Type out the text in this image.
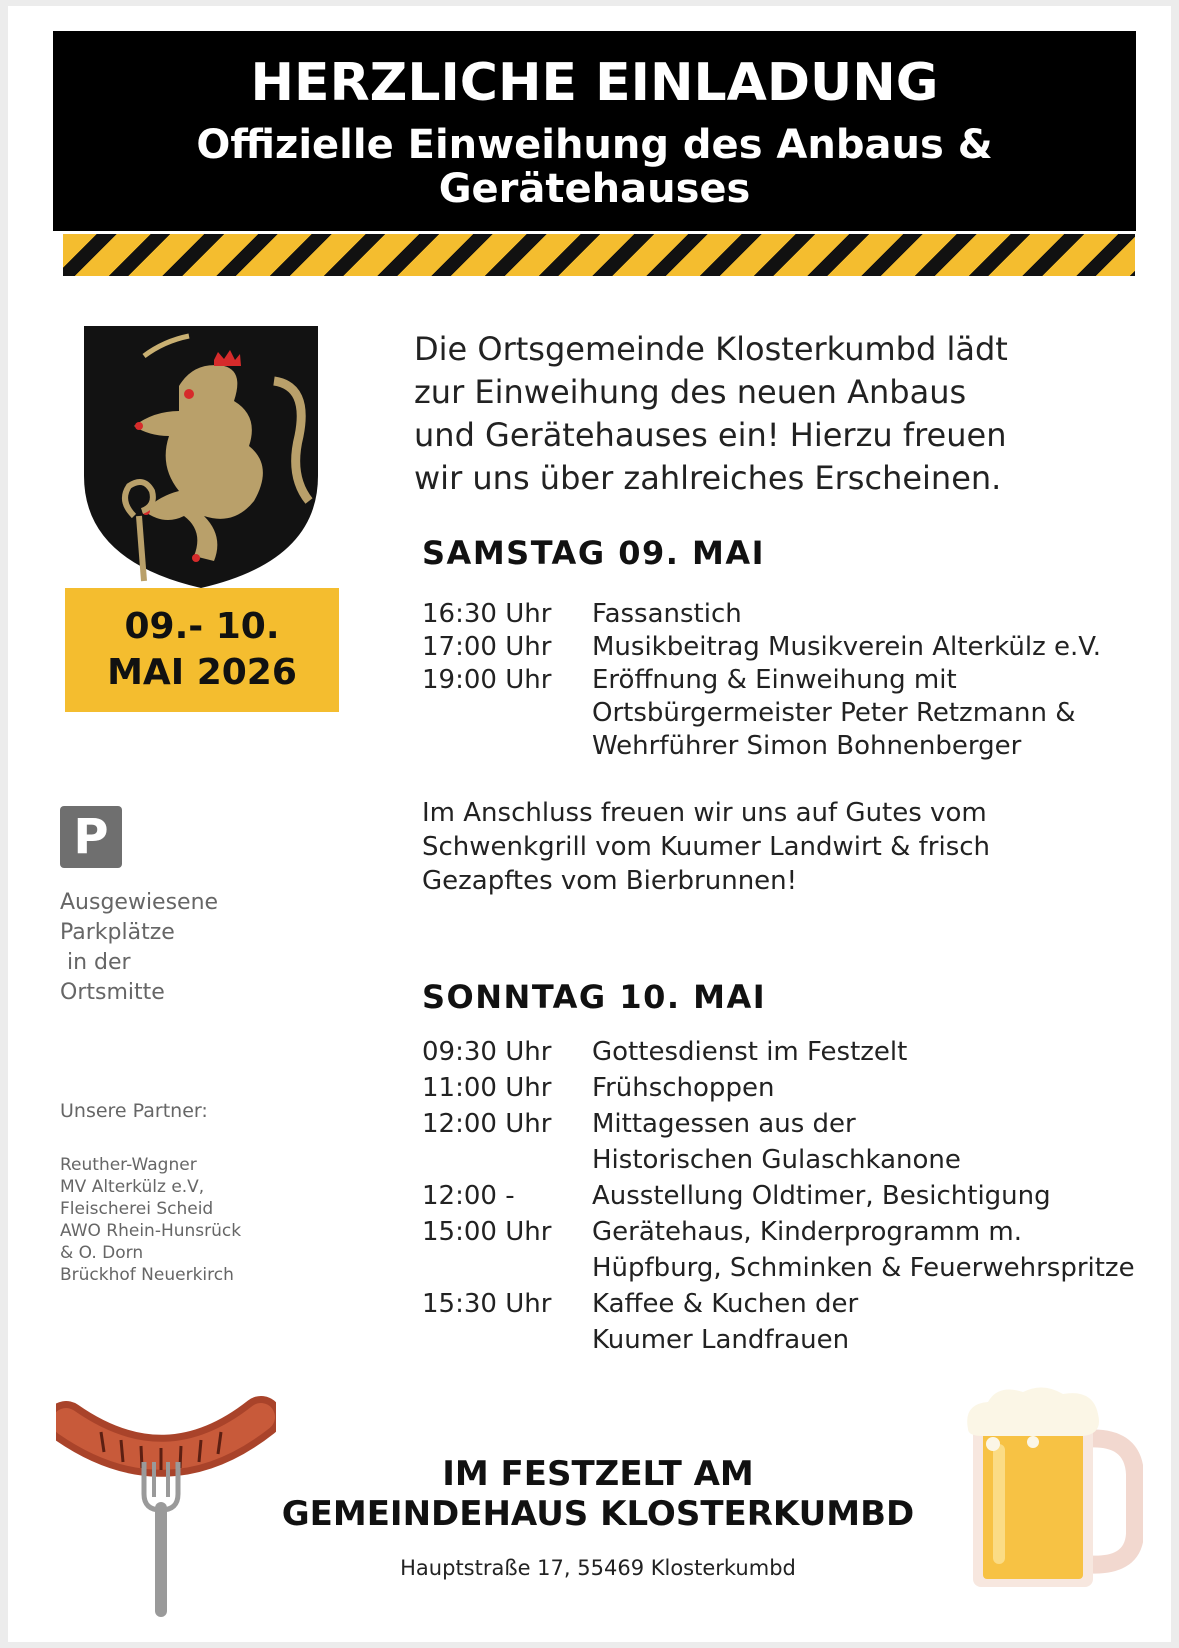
HERZLICHE EINLADUNG
Offizielle Einweihung des Anbaus &
Gerätehauses
09.- 10.
MAI 2026
Die Ortsgemeinde Klosterkumbd lädt
zur Einweihung des neuen Anbaus
und Gerätehauses ein! Hierzu freuen
wir uns über zahlreiches Erscheinen.
SAMSTAG 09. MAI
16:30 Uhr	Fassanstich
17:00 Uhr	Musikbeitrag Musikverein Alterkülz e.V.
19:00 Uhr	Eröffnung & Einweihung mit
Ortsbürgermeister Peter Retzmann &
Wehrführer Simon Bohnenberger
Im Anschluss freuen wir uns auf Gutes vom
Schwenkgrill vom Kuumer Landwirt & frisch
Gezapftes vom Bierbrunnen!
SONNTAG 10. MAI
09:30 Uhr	Gottesdienst im Festzelt
11:00 Uhr	Frühschoppen
12:00 Uhr	Mittagessen aus der
Historischen Gulaschkanone
12:00 -	Ausstellung Oldtimer, Besichtigung
15:00 Uhr	Gerätehaus, Kinderprogramm m.
Hüpfburg, Schminken & Feuerwehrspritze
15:30 Uhr	Kaffee & Kuchen der
Kuumer Landfrauen
P
Ausgewiesene
Parkplätze
in der
Ortsmitte
Unsere Partner:
Reuther-Wagner
MV Alterkülz e.V,
Fleischerei Scheid
AWO Rhein-Hunsrück
& O. Dorn
Brückhof Neuerkirch
IM FESTZELT AM
GEMEINDEHAUS KLOSTERKUMBD
Hauptstraße 17, 55469 Klosterkumbd
